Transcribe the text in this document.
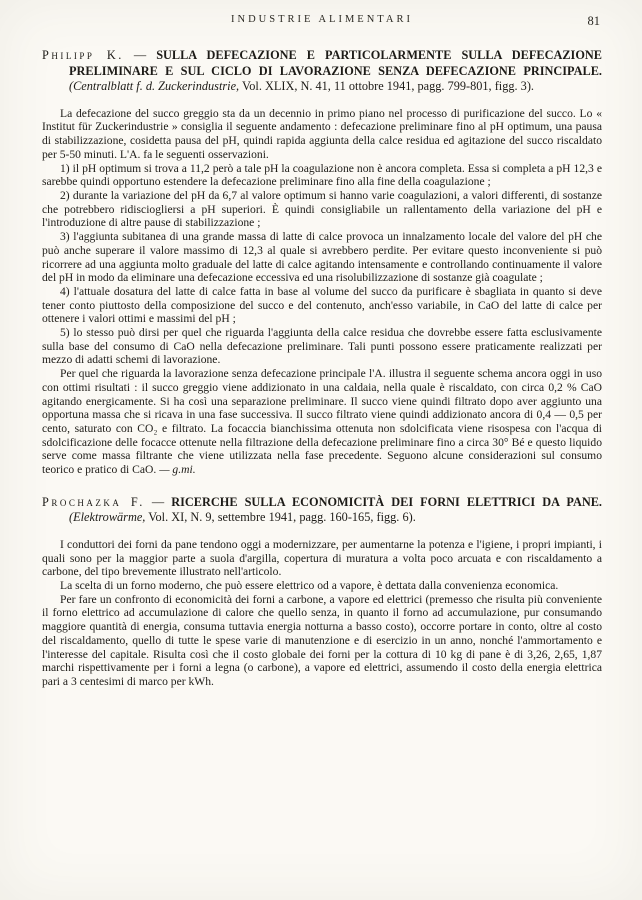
INDUSTRIE ALIMENTARI	81

Philipp K. — SULLA DEFECAZIONE E PARTICOLARMENTE SULLA DEFECAZIONE PRELIMINARE E SUL CICLO DI LAVORAZIONE SENZA DEFECAZIONE PRINCIPALE. (Centralblatt f. d. Zuckerindustrie, Vol. XLIX, N. 41, 11 ottobre 1941, pagg. 799-801, figg. 3).

La defecazione del succo greggio sta da un decennio in primo piano nel processo di purificazione del succo. Lo « Institut für Zuckerindustrie » consiglia il seguente andamento : defecazione preliminare fino al pH optimum, una pausa di stabilizzazione, cosidetta pausa del pH, quindi rapida aggiunta della calce residua ed agitazione del succo riscaldato per 5-50 minuti. L'A. fa le seguenti osservazioni.

1) il pH optimum si trova a 11,2 però a tale pH la coagulazione non è ancora completa. Essa si completa a pH 12,3 e sarebbe quindi opportuno estendere la defecazione preliminare fino alla fine della coagulazione ;

2) durante la variazione del pH da 6,7 al valore optimum si hanno varie coagulazioni, a valori differenti, di sostanze che potrebbero ridisciogliersi a pH superiori. È quindi consigliabile un rallentamento della variazione del pH e l'introduzione di altre pause di stabilizzazione ;

3) l'aggiunta subitanea di una grande massa di latte di calce provoca un innalzamento locale del valore del pH che può anche superare il valore massimo di 12,3 al quale si avrebbero perdite. Per evitare questo inconveniente si può ricorrere ad una aggiunta molto graduale del latte di calce agitando intensamente e controllando continuamente il valore del pH in modo da eliminare una defecazione eccessiva ed una risolubilizzazione di sostanze già coagulate ;

4) l'attuale dosatura del latte di calce fatta in base al volume del succo da purificare è sbagliata in quanto si deve tener conto piuttosto della composizione del succo e del contenuto, anch'esso variabile, in CaO del latte di calce per ottenere i valori ottimi e massimi del pH ;

5) lo stesso può dirsi per quel che riguarda l'aggiunta della calce residua che dovrebbe essere fatta esclusivamente sulla base del consumo di CaO nella defecazione preliminare. Tali punti possono essere praticamente realizzati per mezzo di adatti schemi di lavorazione.

Per quel che riguarda la lavorazione senza defecazione principale l'A. illustra il seguente schema ancora oggi in uso con ottimi risultati : il succo greggio viene addizionato in una caldaia, nella quale è riscaldato, con circa 0,2 % CaO agitando energicamente. Si ha così una separazione preliminare. Il succo viene quindi filtrato dopo aver aggiunto una opportuna massa che si ricava in una fase successiva. Il succo filtrato viene quindi addizionato ancora di 0,4 — 0,5 per cento, saturato con CO₂ e filtrato. La focaccia bianchissima ottenuta non sdolcificata viene risospesa con l'acqua di sdolcificazione delle focacce ottenute nella filtrazione della defecazione preliminare fino a circa 30° Bé e questo liquido serve come massa filtrante che viene utilizzata nella fase precedente. Seguono alcune considerazioni sul consumo teorico e pratico di CaO. — g.mi.

Prochazka F. — RICERCHE SULLA ECONOMICITÀ DEI FORNI ELETTRICI DA PANE. (Elektrowärme, Vol. XI, N. 9, settembre 1941, pagg. 160-165, figg. 6).

I conduttori dei forni da pane tendono oggi a modernizzare, per aumentarne la potenza e l'igiene, i propri impianti, i quali sono per la maggior parte a suola d'argilla, copertura di muratura a volta poco arcuata e con riscaldamento a carbone, del tipo brevemente illustrato nell'articolo.

La scelta di un forno moderno, che può essere elettrico od a vapore, è dettata dalla convenienza economica.

Per fare un confronto di economicità dei forni a carbone, a vapore ed elettrici (premesso che risulta più conveniente il forno elettrico ad accumulazione di calore che quello senza, in quanto il forno ad accumulazione, pur consumando maggiore quantità di energia, consuma tuttavia energia notturna a basso costo), occorre portare in conto, oltre al costo del riscaldamento, quello di tutte le spese varie di manutenzione e di esercizio in un anno, nonché l'ammortamento e l'interesse del capitale. Risulta così che il costo globale dei forni per la cottura di 10 kg di pane è di 3,26, 2,65, 1,87 marchi rispettivamente per i forni a legna (o carbone), a vapore ed elettrici, assumendo il costo della energia elettrica pari a 3 centesimi di marco per kWh.
